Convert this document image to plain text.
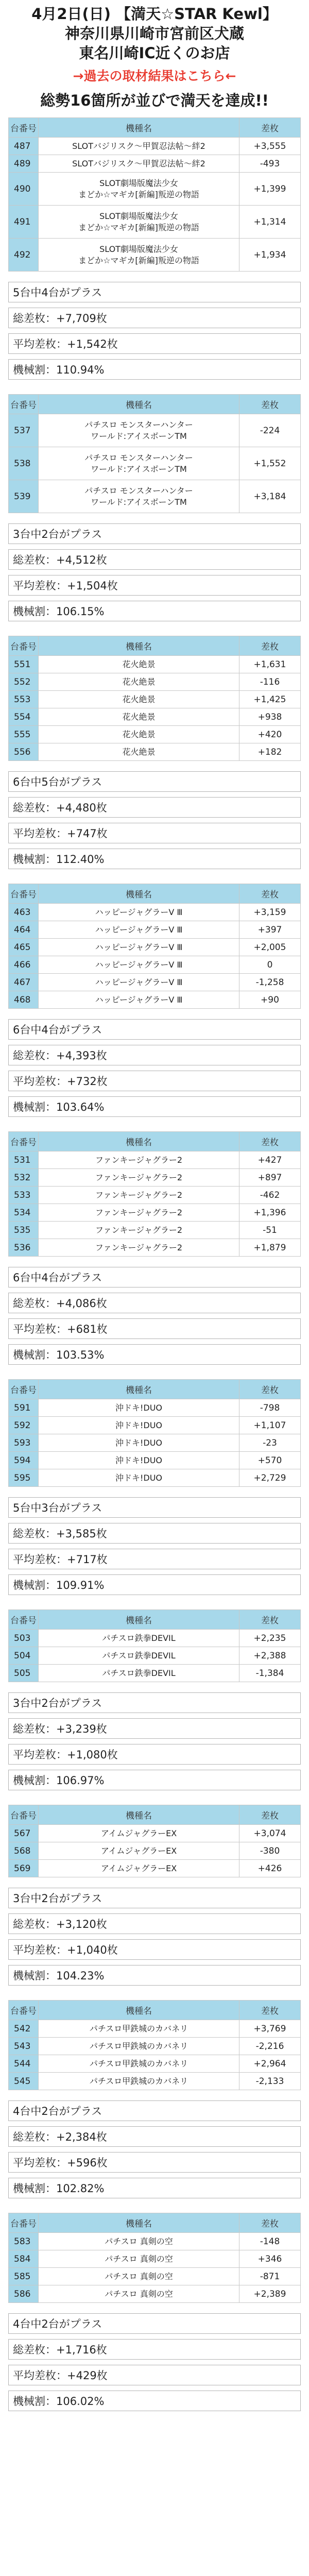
4月2日(日) 【満天☆STAR Kewl】
神奈川県川崎市宮前区犬蔵
東名川崎IC近くのお店
→過去の取材結果はこちら←
総勢16箇所が並びで満天を達成!!
台番号	機種名	差枚
487	SLOTバジリスク～甲賀忍法帖～絆2	+3,555
489	SLOTバジリスク～甲賀忍法帖～絆2	-493
490	SLOT劇場版魔法少女
まどか☆マギカ[新編]叛逆の物語	+1,399
491	SLOT劇場版魔法少女
まどか☆マギカ[新編]叛逆の物語	+1,314
492	SLOT劇場版魔法少女
まどか☆マギカ[新編]叛逆の物語	+1,934
5台中4台がプラス
総差枚：+7,709枚
平均差枚：+1,542枚
機械割：110.94%
台番号	機種名	差枚
537	パチスロ モンスターハンター
ワールド:アイスボーンTM	-224
538	パチスロ モンスターハンター
ワールド:アイスボーンTM	+1,552
539	パチスロ モンスターハンター
ワールド:アイスボーンTM	+3,184
3台中2台がプラス
総差枚：+4,512枚
平均差枚：+1,504枚
機械割：106.15%
台番号	機種名	差枚
551	花火絶景	+1,631
552	花火絶景	-116
553	花火絶景	+1,425
554	花火絶景	+938
555	花火絶景	+420
556	花火絶景	+182
6台中5台がプラス
総差枚：+4,480枚
平均差枚：+747枚
機械割：112.40%
台番号	機種名	差枚
463	ハッピージャグラーV Ⅲ	+3,159
464	ハッピージャグラーV Ⅲ	+397
465	ハッピージャグラーV Ⅲ	+2,005
466	ハッピージャグラーV Ⅲ	0
467	ハッピージャグラーV Ⅲ	-1,258
468	ハッピージャグラーV Ⅲ	+90
6台中4台がプラス
総差枚：+4,393枚
平均差枚：+732枚
機械割：103.64%
台番号	機種名	差枚
531	ファンキージャグラー2	+427
532	ファンキージャグラー2	+897
533	ファンキージャグラー2	-462
534	ファンキージャグラー2	+1,396
535	ファンキージャグラー2	-51
536	ファンキージャグラー2	+1,879
6台中4台がプラス
総差枚：+4,086枚
平均差枚：+681枚
機械割：103.53%
台番号	機種名	差枚
591	沖ドキ!DUO	-798
592	沖ドキ!DUO	+1,107
593	沖ドキ!DUO	-23
594	沖ドキ!DUO	+570
595	沖ドキ!DUO	+2,729
5台中3台がプラス
総差枚：+3,585枚
平均差枚：+717枚
機械割：109.91%
台番号	機種名	差枚
503	パチスロ鉄拳DEVIL　	+2,235
504	パチスロ鉄拳DEVIL	+2,388
505	パチスロ鉄拳DEVIL	-1,384
3台中2台がプラス
総差枚：+3,239枚
平均差枚：+1,080枚
機械割：106.97%
台番号	機種名	差枚
567	アイムジャグラーEX	+3,074
568	アイムジャグラーEX	-380
569	アイムジャグラーEX	+426
3台中2台がプラス
総差枚：+3,120枚
平均差枚：+1,040枚
機械割：104.23%
台番号	機種名	差枚
542	パチスロ甲鉄城のカバネリ	+3,769
543	パチスロ甲鉄城のカバネリ	-2,216
544	パチスロ甲鉄城のカバネリ	+2,964
545	パチスロ甲鉄城のカバネリ	-2,133
4台中2台がプラス
総差枚：+2,384枚
平均差枚：+596枚
機械割：102.82%
台番号	機種名	差枚
583	パチスロ 真剣の空	-148
584	パチスロ 真剣の空	+346
585	パチスロ 真剣の空	-871
586	パチスロ 真剣の空	+2,389
4台中2台がプラス
総差枚：+1,716枚
平均差枚：+429枚
機械割：106.02%
